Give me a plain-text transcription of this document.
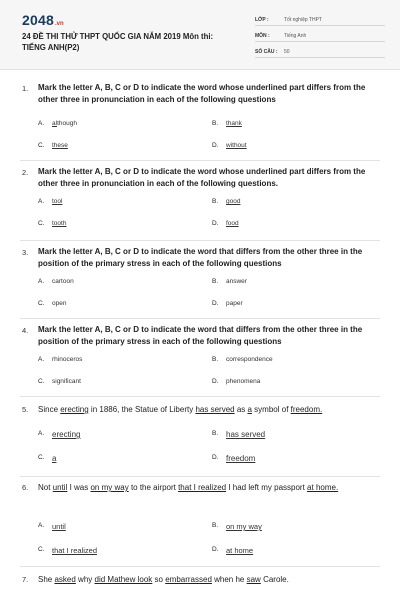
2048 .vn
24 ĐỀ THI THỬ THPT QUỐC GIA NĂM 2019 Môn thi: TIẾNG ANH(P2)
LỚP :	Tốt nghiệp THPT
MÔN :	Tiếng Anh
SỐ CÂU :	50
1. Mark the letter A, B, C or D to indicate the word whose underlined part differs from the other three in pronunciation in each of the following questions
A.	although	B.	thank
C.	these	D.	without
2. Mark the letter A, B, C or D to indicate the word whose underlined part differs from the other three in pronunciation in each of the following questions.
A.	tool	B.	good
C.	tooth	D.	food
3. Mark the letter A, B, C or D to indicate the word that differs from the other three in the position of the primary stress in each of the following questions
A.	cartoon	B.	answer
C.	open	D.	paper
4. Mark the letter A, B, C or D to indicate the word that differs from the other three in the position of the primary stress in each of the following questions
A.	rhinoceros	B.	correspondence
C.	significant	D.	phenomena
5. Since erecting in 1886, the Statue of Liberty has served as a symbol of freedom.
A. erecting	B. has served
C. a	D. freedom
6. Not until I was on my way to the airport that I realized I had left my passport at home.
A.	until	B.	on my way
C.	that I realized	D.	at home
7. She asked why did Mathew look so embarrassed when he saw Carole.
